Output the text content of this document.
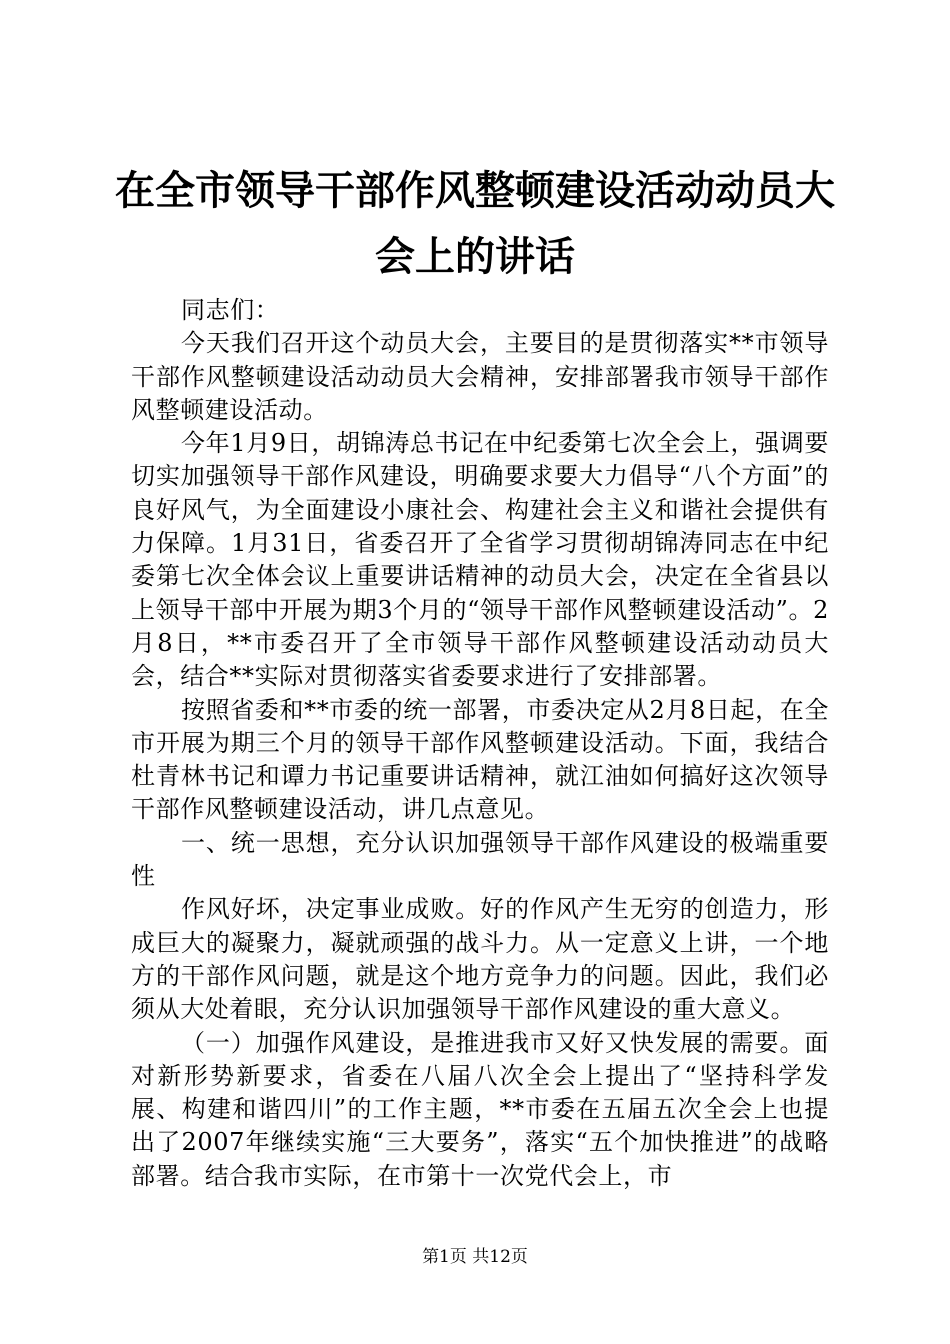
在全市领导干部作风整顿建设活动动员大会上的讲话

同志们：

今天我们召开这个动员大会，主要目的是贯彻落实**市领导干部作风整顿建设活动动员大会精神，安排部署我市领导干部作风整顿建设活动。

今年1月9日，胡锦涛总书记在中纪委第七次全会上，强调要切实加强领导干部作风建设，明确要求要大力倡导“八个方面”的良好风气，为全面建设小康社会、构建社会主义和谐社会提供有力保障。1月31日，省委召开了全省学习贯彻胡锦涛同志在中纪委第七次全体会议上重要讲话精神的动员大会，决定在全省县以上领导干部中开展为期3个月的“领导干部作风整顿建设活动”。2月8日，**市委召开了全市领导干部作风整顿建设活动动员大会，结合**实际对贯彻落实省委要求进行了安排部署。

按照省委和**市委的统一部署，市委决定从2月8日起，在全市开展为期三个月的领导干部作风整顿建设活动。下面，我结合杜青林书记和谭力书记重要讲话精神，就江油如何搞好这次领导干部作风整顿建设活动，讲几点意见。

一、统一思想，充分认识加强领导干部作风建设的极端重要性

作风好坏，决定事业成败。好的作风产生无穷的创造力，形成巨大的凝聚力，凝就顽强的战斗力。从一定意义上讲，一个地方的干部作风问题，就是这个地方竞争力的问题。因此，我们必须从大处着眼，充分认识加强领导干部作风建设的重大意义。

（一）加强作风建设，是推进我市又好又快发展的需要。面对新形势新要求，省委在八届八次全会上提出了“坚持科学发展、构建和谐四川”的工作主题，**市委在五届五次全会上也提出了2007年继续实施“三大要务”，落实“五个加快推进”的战略部署。结合我市实际，在市第十一次党代会上，市

第1页 共12页
